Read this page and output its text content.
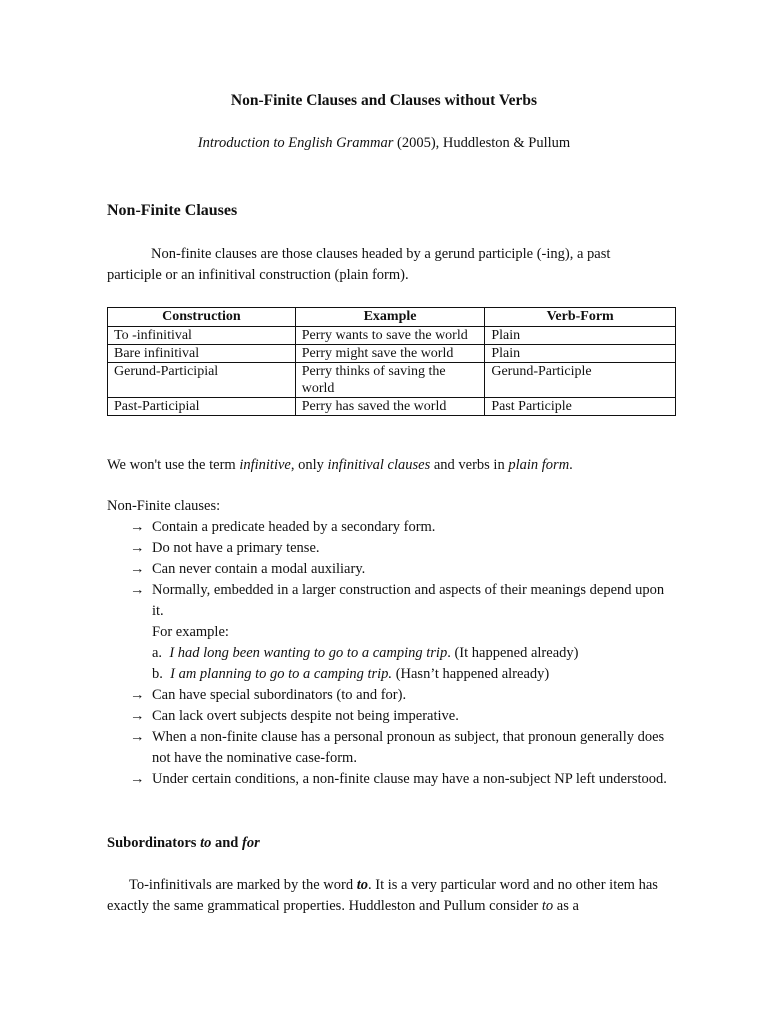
Non-Finite Clauses and Clauses without Verbs
Introduction to English Grammar (2005), Huddleston & Pullum
Non-Finite Clauses
Non-finite clauses are those clauses headed by a gerund participle (-ing), a past participle or an infinitival construction (plain form).
Construction	Example	Verb-Form
To -infinitival	Perry wants to save the world	Plain
Bare infinitival	Perry might save the world	Plain
Gerund-Participial	Perry thinks of saving the world	Gerund-Participle
Past-Participial	Perry has saved the world	Past Participle
We won't use the term infinitive, only infinitival clauses and verbs in plain form.
Non-Finite clauses:
→ Contain a predicate headed by a secondary form.
→ Do not have a primary tense.
→ Can never contain a modal auxiliary.
→ Normally, embedded in a larger construction and aspects of their meanings depend upon it.
For example:
a. I had long been wanting to go to a camping trip. (It happened already)
b. I am planning to go to a camping trip. (Hasn’t happened already)
→ Can have special subordinators (to and for).
→ Can lack overt subjects despite not being imperative.
→ When a non-finite clause has a personal pronoun as subject, that pronoun generally does not have the nominative case-form.
→ Under certain conditions, a non-finite clause may have a non-subject NP left understood.
Subordinators to and for
To-infinitivals are marked by the word to. It is a very particular word and no other item has exactly the same grammatical properties. Huddleston and Pullum consider to as a
